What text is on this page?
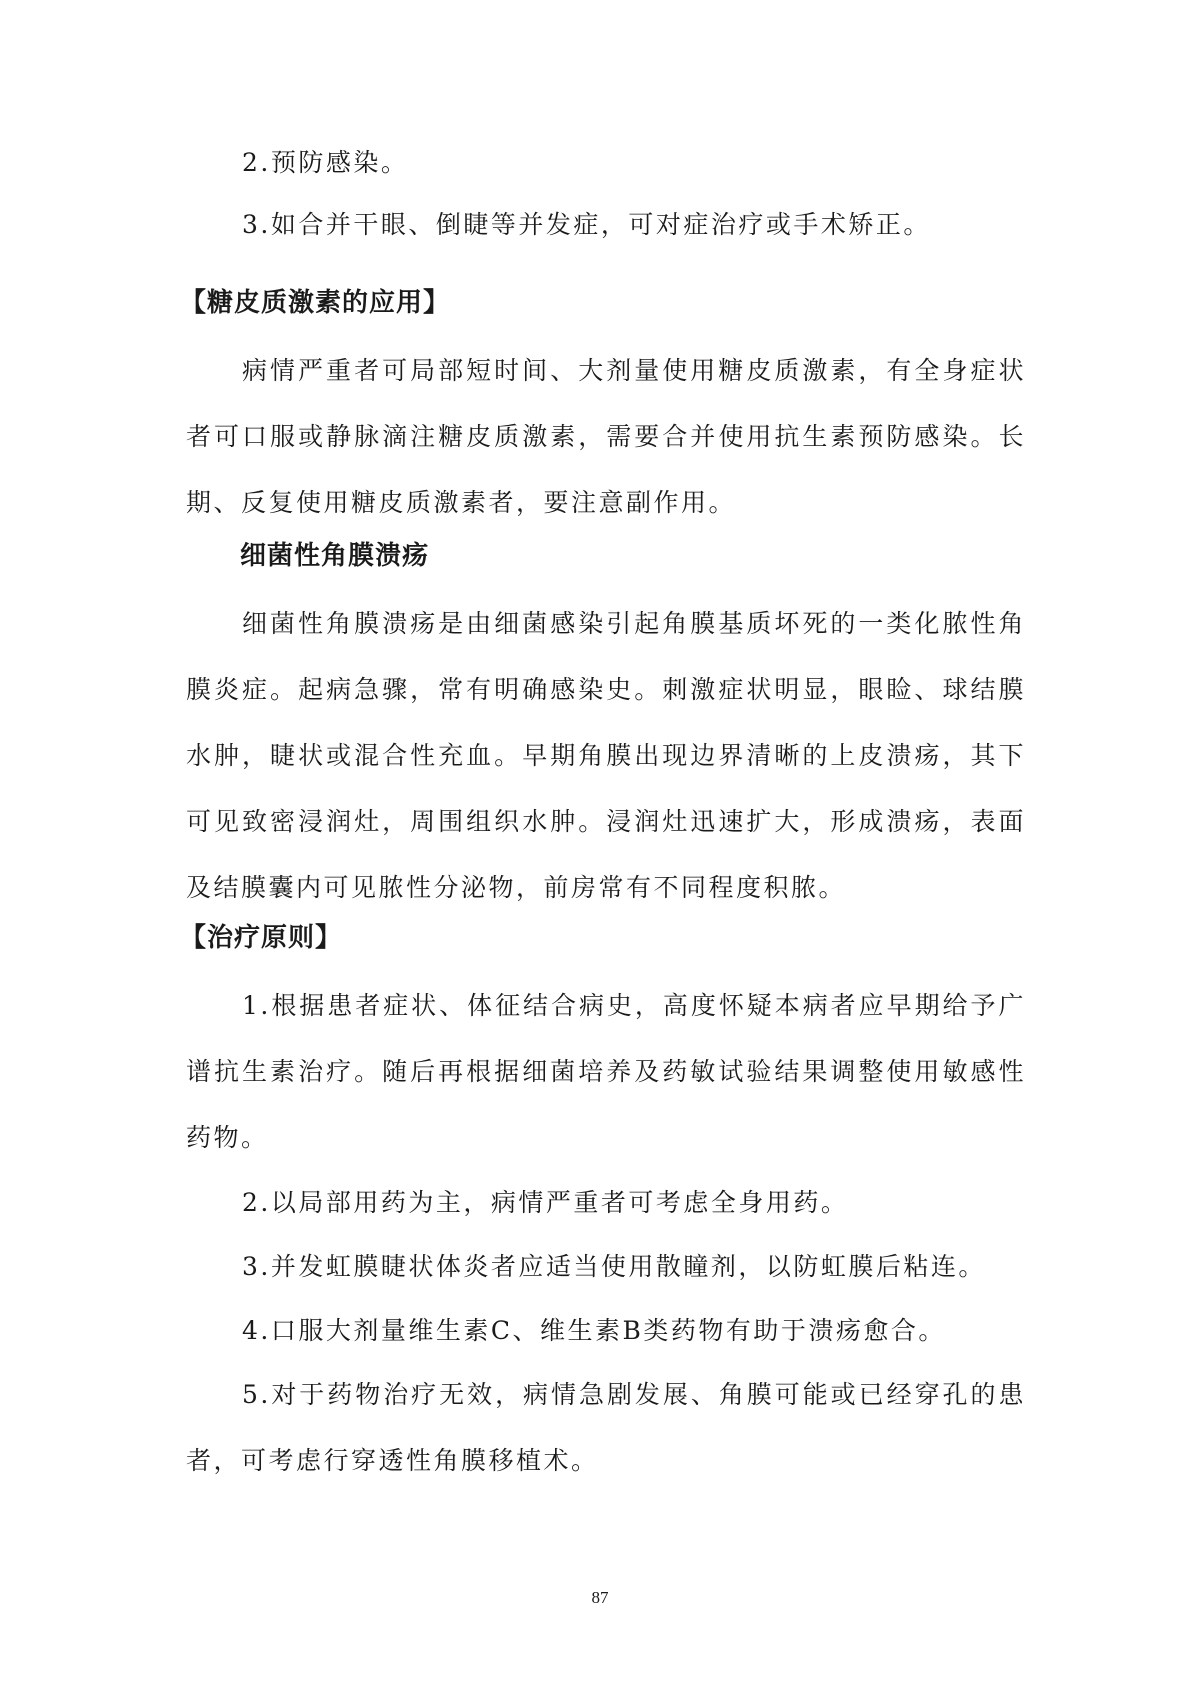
2.预防感染。

3.如合并干眼、倒睫等并发症，可对症治疗或手术矫正。

【糖皮质激素的应用】

病情严重者可局部短时间、大剂量使用糖皮质激素，有全身症状者可口服或静脉滴注糖皮质激素，需要合并使用抗生素预防感染。长期、反复使用糖皮质激素者，要注意副作用。

细菌性角膜溃疡

细菌性角膜溃疡是由细菌感染引起角膜基质坏死的一类化脓性角膜炎症。起病急骤，常有明确感染史。刺激症状明显，眼睑、球结膜水肿，睫状或混合性充血。早期角膜出现边界清晰的上皮溃疡，其下可见致密浸润灶，周围组织水肿。浸润灶迅速扩大，形成溃疡，表面及结膜囊内可见脓性分泌物，前房常有不同程度积脓。

【治疗原则】

1.根据患者症状、体征结合病史，高度怀疑本病者应早期给予广谱抗生素治疗。随后再根据细菌培养及药敏试验结果调整使用敏感性药物。

2.以局部用药为主，病情严重者可考虑全身用药。

3.并发虹膜睫状体炎者应适当使用散瞳剂，以防虹膜后粘连。

4.口服大剂量维生素C、维生素B类药物有助于溃疡愈合。

5.对于药物治疗无效，病情急剧发展、角膜可能或已经穿孔的患者，可考虑行穿透性角膜移植术。

87
